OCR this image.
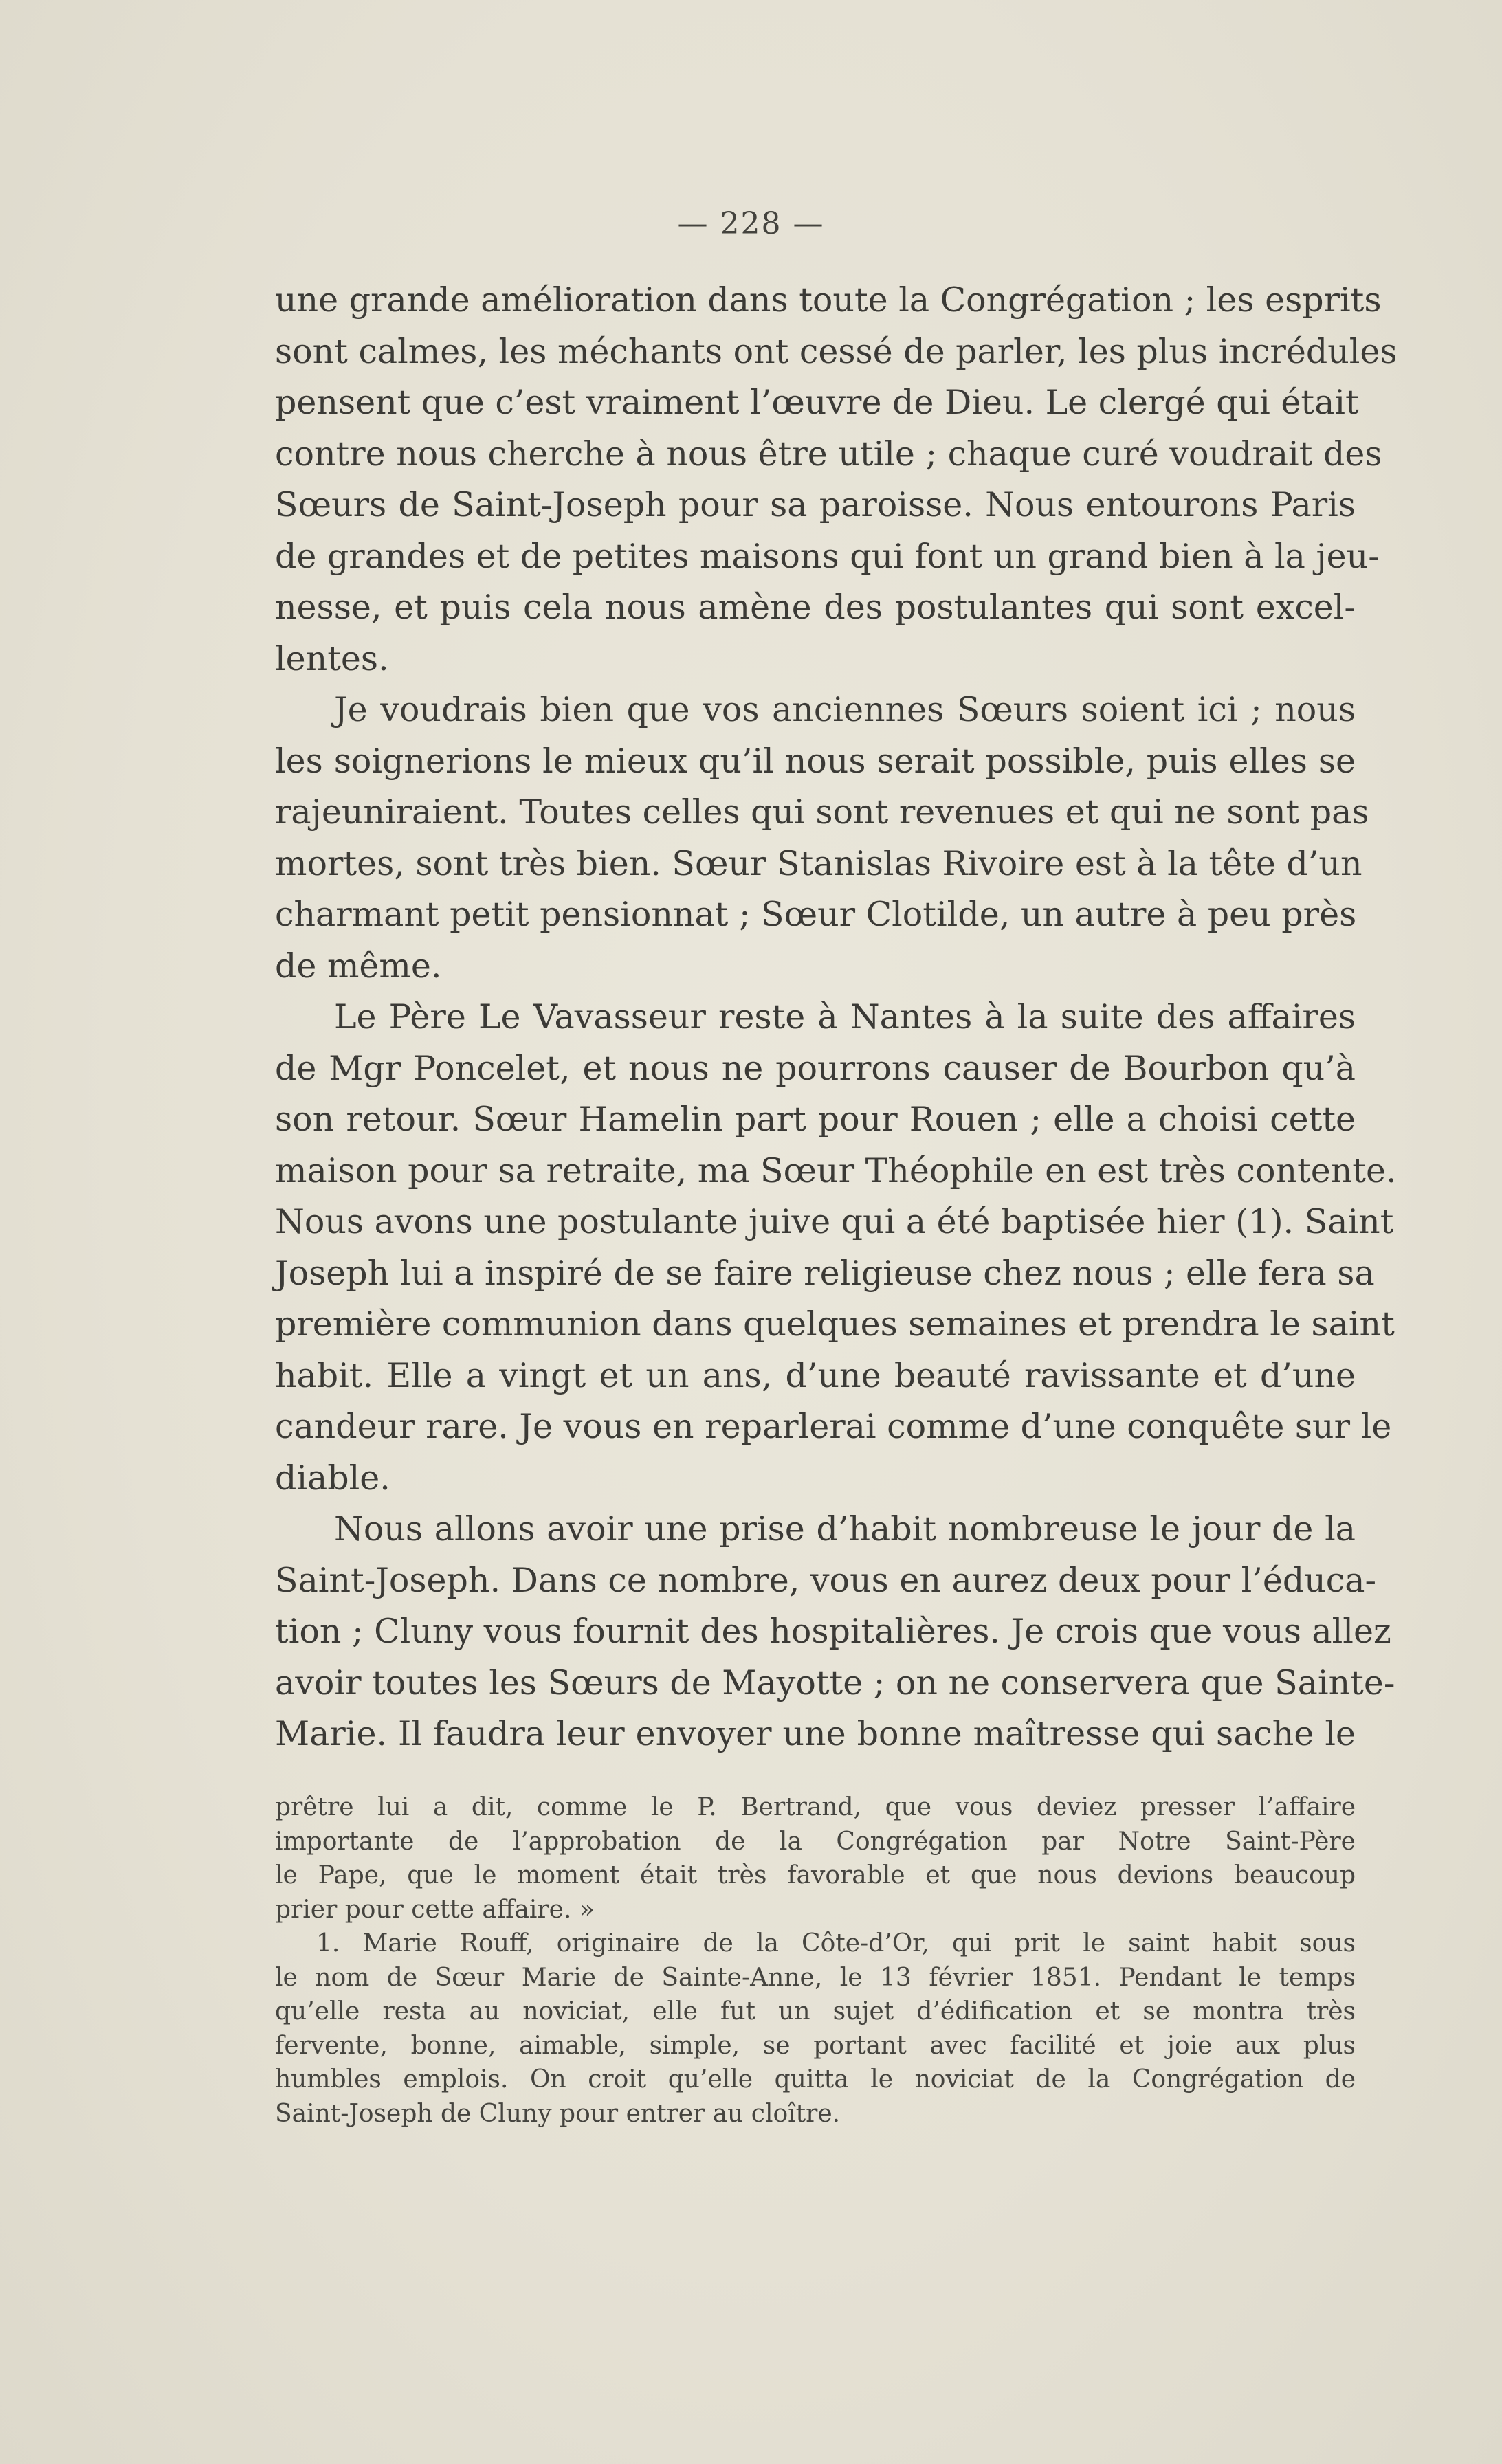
— 228 —
une grande amélioration dans toute la Congrégation ; les esprits
sont calmes, les méchants ont cessé de parler, les plus incrédules
pensent que c’est vraiment l’œuvre de Dieu. Le clergé qui était
contre nous cherche à nous être utile ; chaque curé voudrait des
Sœurs de Saint-Joseph pour sa paroisse. Nous entourons Paris
de grandes et de petites maisons qui font un grand bien à la jeu-
nesse, et puis cela nous amène des postulantes qui sont excel-
lentes.
Je voudrais bien que vos anciennes Sœurs soient ici ; nous
les soignerions le mieux qu’il nous serait possible, puis elles se
rajeuniraient. Toutes celles qui sont revenues et qui ne sont pas
mortes, sont très bien. Sœur Stanislas Rivoire est à la tête d’un
charmant petit pensionnat ; Sœur Clotilde, un autre à peu près
de même.
Le Père Le Vavasseur reste à Nantes à la suite des affaires
de Mgr Poncelet, et nous ne pourrons causer de Bourbon qu’à
son retour. Sœur Hamelin part pour Rouen ; elle a choisi cette
maison pour sa retraite, ma Sœur Théophile en est très contente.
Nous avons une postulante juive qui a été baptisée hier (1). Saint
Joseph lui a inspiré de se faire religieuse chez nous ; elle fera sa
première communion dans quelques semaines et prendra le saint
habit. Elle a vingt et un ans, d’une beauté ravissante et d’une
candeur rare. Je vous en reparlerai comme d’une conquête sur le
diable.
Nous allons avoir une prise d’habit nombreuse le jour de la
Saint-Joseph. Dans ce nombre, vous en aurez deux pour l’éduca-
tion ; Cluny vous fournit des hospitalières. Je crois que vous allez
avoir toutes les Sœurs de Mayotte ; on ne conservera que Sainte-
Marie. Il faudra leur envoyer une bonne maîtresse qui sache le
prêtre lui a dit, comme le P. Bertrand, que vous deviez presser l’affaire
importante de l’approbation de la Congrégation par Notre Saint-Père
le Pape, que le moment était très favorable et que nous devions beaucoup
prier pour cette affaire. »
1. Marie Rouff, originaire de la Côte-d’Or, qui prit le saint habit sous
le nom de Sœur Marie de Sainte-Anne, le 13 février 1851. Pendant le temps
qu’elle resta au noviciat, elle fut un sujet d’édification et se montra très
fervente, bonne, aimable, simple, se portant avec facilité et joie aux plus
humbles emplois. On croit qu’elle quitta le noviciat de la Congrégation de
Saint-Joseph de Cluny pour entrer au cloître.
